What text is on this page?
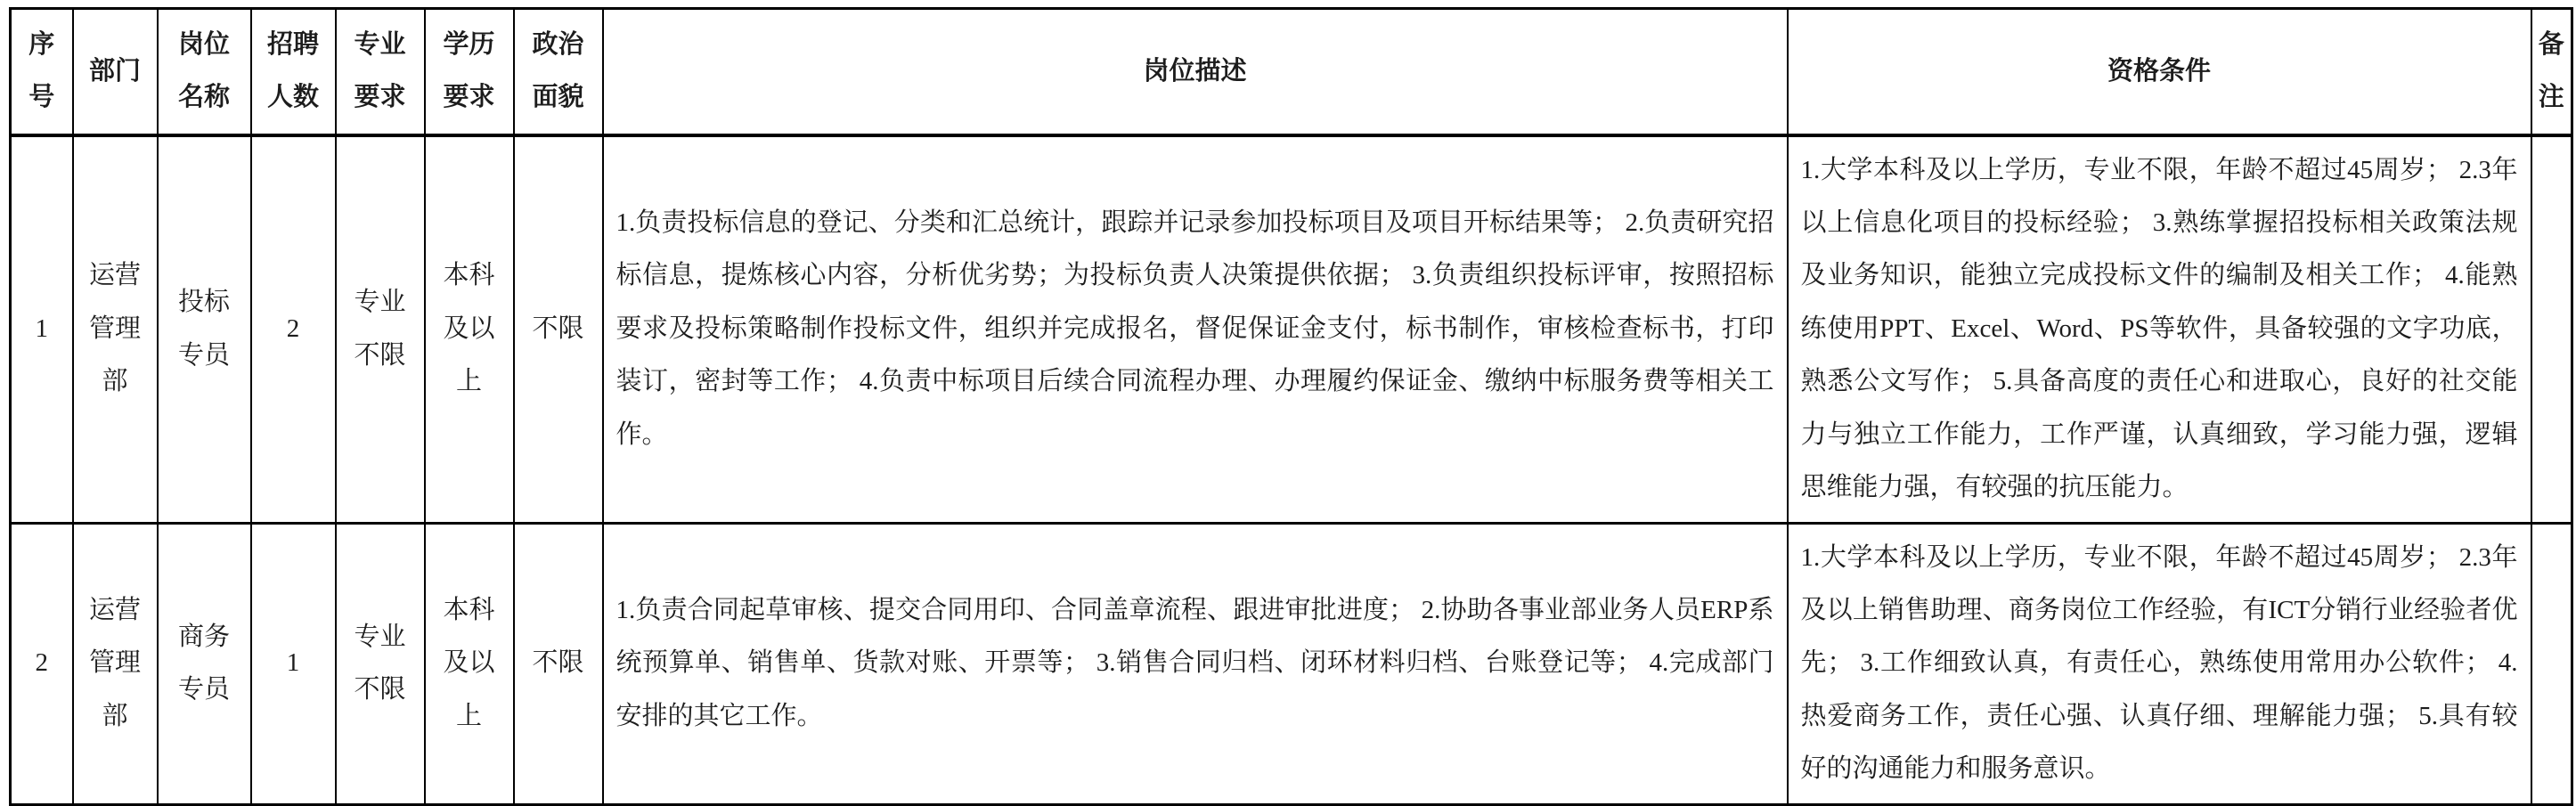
序号	部门	岗位名称	招聘人数	专业要求	学历要求	政治面貌	岗位描述	资格条件	备注
1	运营管理部	投标专员	2	专业不限	本科及以上	不限	1.负责投标信息的登记、分类和汇总统计，跟踪并记录参加投标项目及项目开标结果等； 2.负责研究招标信息，提炼核心内容，分析优劣势；为投标负责人决策提供依据； 3.负责组织投标评审，按照招标要求及投标策略制作投标文件，组织并完成报名，督促保证金支付，标书制作，审核检查标书，打印装订，密封等工作； 4.负责中标项目后续合同流程办理、办理履约保证金、缴纳中标服务费等相关工作。	1.大学本科及以上学历，专业不限，年龄不超过45周岁； 2.3年以上信息化项目的投标经验； 3.熟练掌握招投标相关政策法规及业务知识，能独立完成投标文件的编制及相关工作； 4.能熟练使用PPT、Excel、Word、PS等软件，具备较强的文字功底，熟悉公文写作； 5.具备高度的责任心和进取心，良好的社交能力与独立工作能力，工作严谨，认真细致，学习能力强，逻辑思维能力强，有较强的抗压能力。	
2	运营管理部	商务专员	1	专业不限	本科及以上	不限	1.负责合同起草审核、提交合同用印、合同盖章流程、跟进审批进度； 2.协助各事业部业务人员ERP系统预算单、销售单、货款对账、开票等； 3.销售合同归档、闭环材料归档、台账登记等； 4.完成部门安排的其它工作。	1.大学本科及以上学历，专业不限，年龄不超过45周岁； 2.3年及以上销售助理、商务岗位工作经验，有ICT分销行业经验者优先； 3.工作细致认真，有责任心，熟练使用常用办公软件； 4.热爱商务工作，责任心强、认真仔细、理解能力强； 5.具有较好的沟通能力和服务意识。	
